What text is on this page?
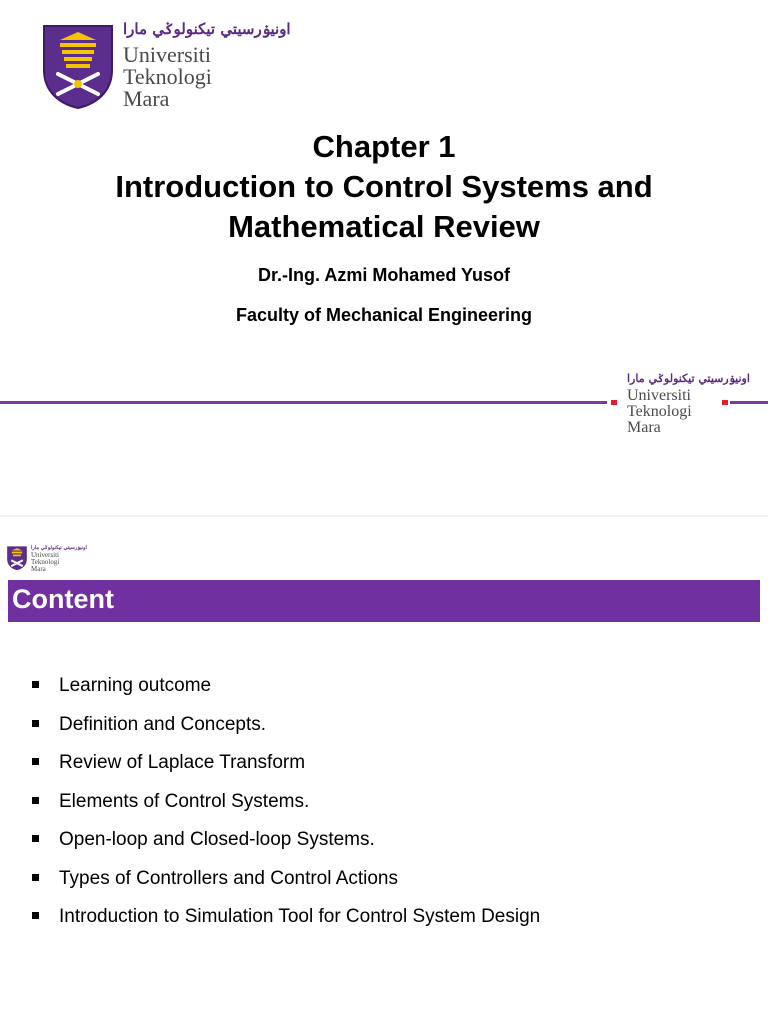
اونيۏرسيتي تيکنولوݢي مارا
Universiti
Teknologi
Mara
Chapter 1
Introduction to Control Systems and
Mathematical Review
Dr.-Ing. Azmi Mohamed Yusof
Faculty of Mechanical Engineering
اونيۏرسيتي تيکنولوݢي مارا
Universiti
Teknologi
Mara
اونيۏرسيتي تيکنولوݢي مارا
Universiti
Teknologi
Mara
Content
Learning outcome
Definition and Concepts.
Review of Laplace Transform
Elements of Control Systems.
Open-loop and Closed-loop Systems.
Types of Controllers and Control Actions
Introduction to Simulation Tool for Control System Design
